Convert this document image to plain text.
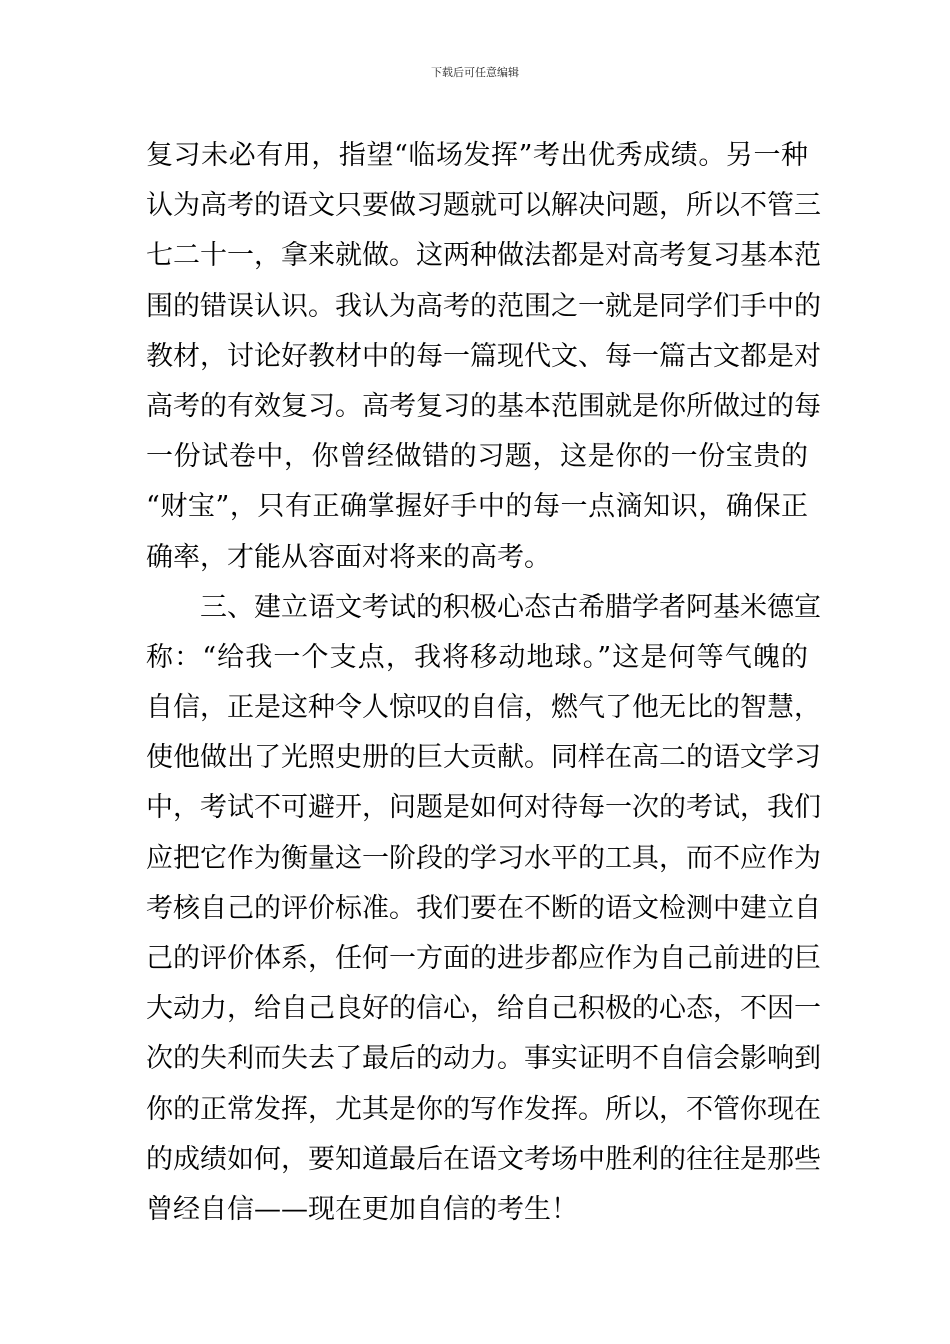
下载后可任意编辑
复习未必有用，指望“临场发挥”考出优秀成绩。另一种
认为高考的语文只要做习题就可以解决问题，所以不管三
七二十一，拿来就做。这两种做法都是对高考复习基本范
围的错误认识。我认为高考的范围之一就是同学们手中的
教材，讨论好教材中的每一篇现代文、每一篇古文都是对
高考的有效复习。高考复习的基本范围就是你所做过的每
一份试卷中，你曾经做错的习题，这是你的一份宝贵的
“财宝”，只有正确掌握好手中的每一点滴知识，确保正
确率，才能从容面对将来的高考。
三、建立语文考试的积极心态古希腊学者阿基米德宣
称：“给我一个支点，我将移动地球。”这是何等气魄的
自信，正是这种令人惊叹的自信，燃气了他无比的智慧，
使他做出了光照史册的巨大贡献。同样在高二的语文学习
中，考试不可避开，问题是如何对待每一次的考试，我们
应把它作为衡量这一阶段的学习水平的工具，而不应作为
考核自己的评价标准。我们要在不断的语文检测中建立自
己的评价体系，任何一方面的进步都应作为自己前进的巨
大动力，给自己良好的信心，给自己积极的心态，不因一
次的失利而失去了最后的动力。事实证明不自信会影响到
你的正常发挥，尤其是你的写作发挥。所以，不管你现在
的成绩如何，要知道最后在语文考场中胜利的往往是那些
曾经自信——现在更加自信的考生！
